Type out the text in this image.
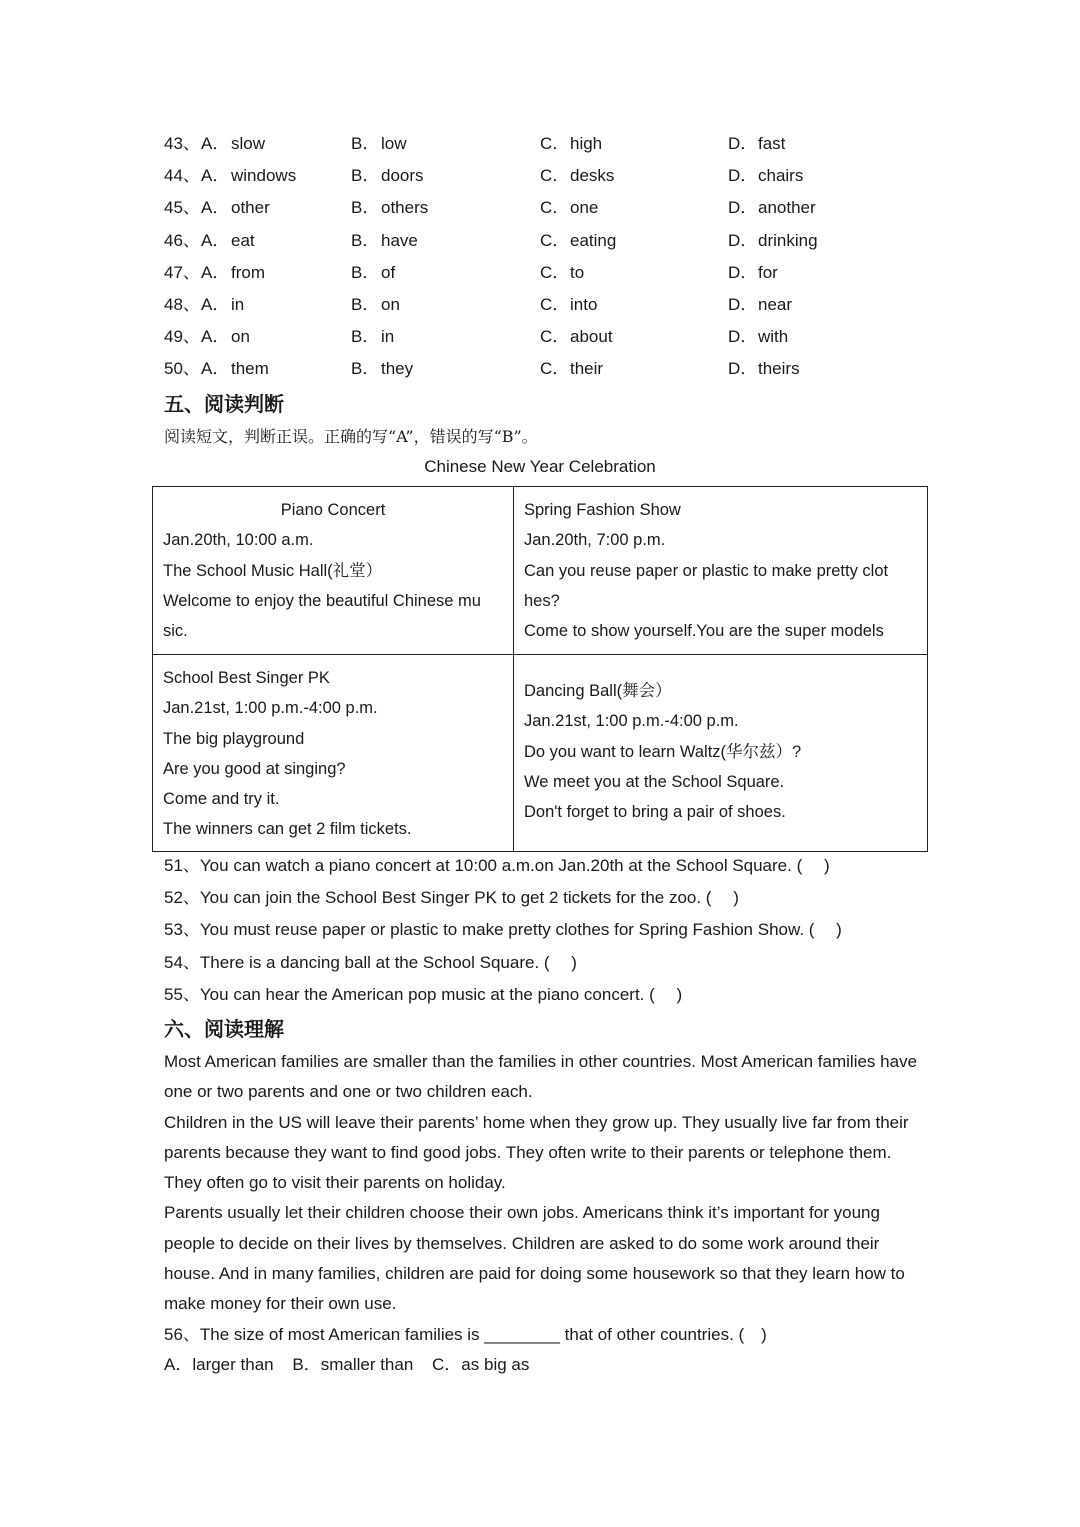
43、 A．slow	B．low	C．high	D．fast
44、 A．windows	B．doors	C．desks	D．chairs
45、 A．other	B．others	C．one	D．another
46、 A．eat	B．have	C．eating	D．drinking
47、 A．from	B．of	C．to	D．for
48、 A．in	B．on	C．into	D．near
49、 A．on	B．in	C．about	D．with
50、 A．them	B．they	C．their	D．theirs
五、阅读判断
阅读短文，判断正误。正确的写“A”，错误的写“B”。
Chinese New Year Celebration
Piano Concert
Jan.20th, 10:00 a.m.
The School Music Hall(礼堂）
Welcome to enjoy the beautiful Chinese mu
sic.
Spring Fashion Show
Jan.20th, 7:00 p.m.
Can you reuse paper or plastic to make pretty clot
hes?
Come to show yourself.You are the super models
School Best Singer PK
Jan.21st, 1:00 p.m.-4:00 p.m.
The big playground
Are you good at singing?
Come and try it.
The winners can get 2 film tickets.
Dancing Ball(舞会）
Jan.21st, 1:00 p.m.-4:00 p.m.
Do you want to learn Waltz(华尔兹）?
We meet you at the School Square.
Don't forget to bring a pair of shoes.
51、You can watch a piano concert at 10:00 a.m.on Jan.20th at the School Square. (　 )
52、You can join the School Best Singer PK to get 2 tickets for the zoo. (　 )
53、You must reuse paper or plastic to make pretty clothes for Spring Fashion Show. (　 )
54、There is a dancing ball at the School Square. (　 )
55、You can hear the American pop music at the piano concert. (　 )
六、阅读理解

Most American families are smaller than the families in other countries. Most American families have one or two parents and one or two children each.

Children in the US will leave their parents’ home when they grow up. They usually live far from their parents because they want to find good jobs. They often write to their parents or telephone them. They often go to visit their parents on holiday.

Parents usually let their children choose their own jobs. Americans think it’s important for young people to decide on their lives by themselves. Children are asked to do some work around their house. And in many families, children are paid for doing some housework so that they learn how to make money for their own use.

56、The size of most American families is ________ that of other countries. (　)
A．larger than B．smaller than C．as big as
